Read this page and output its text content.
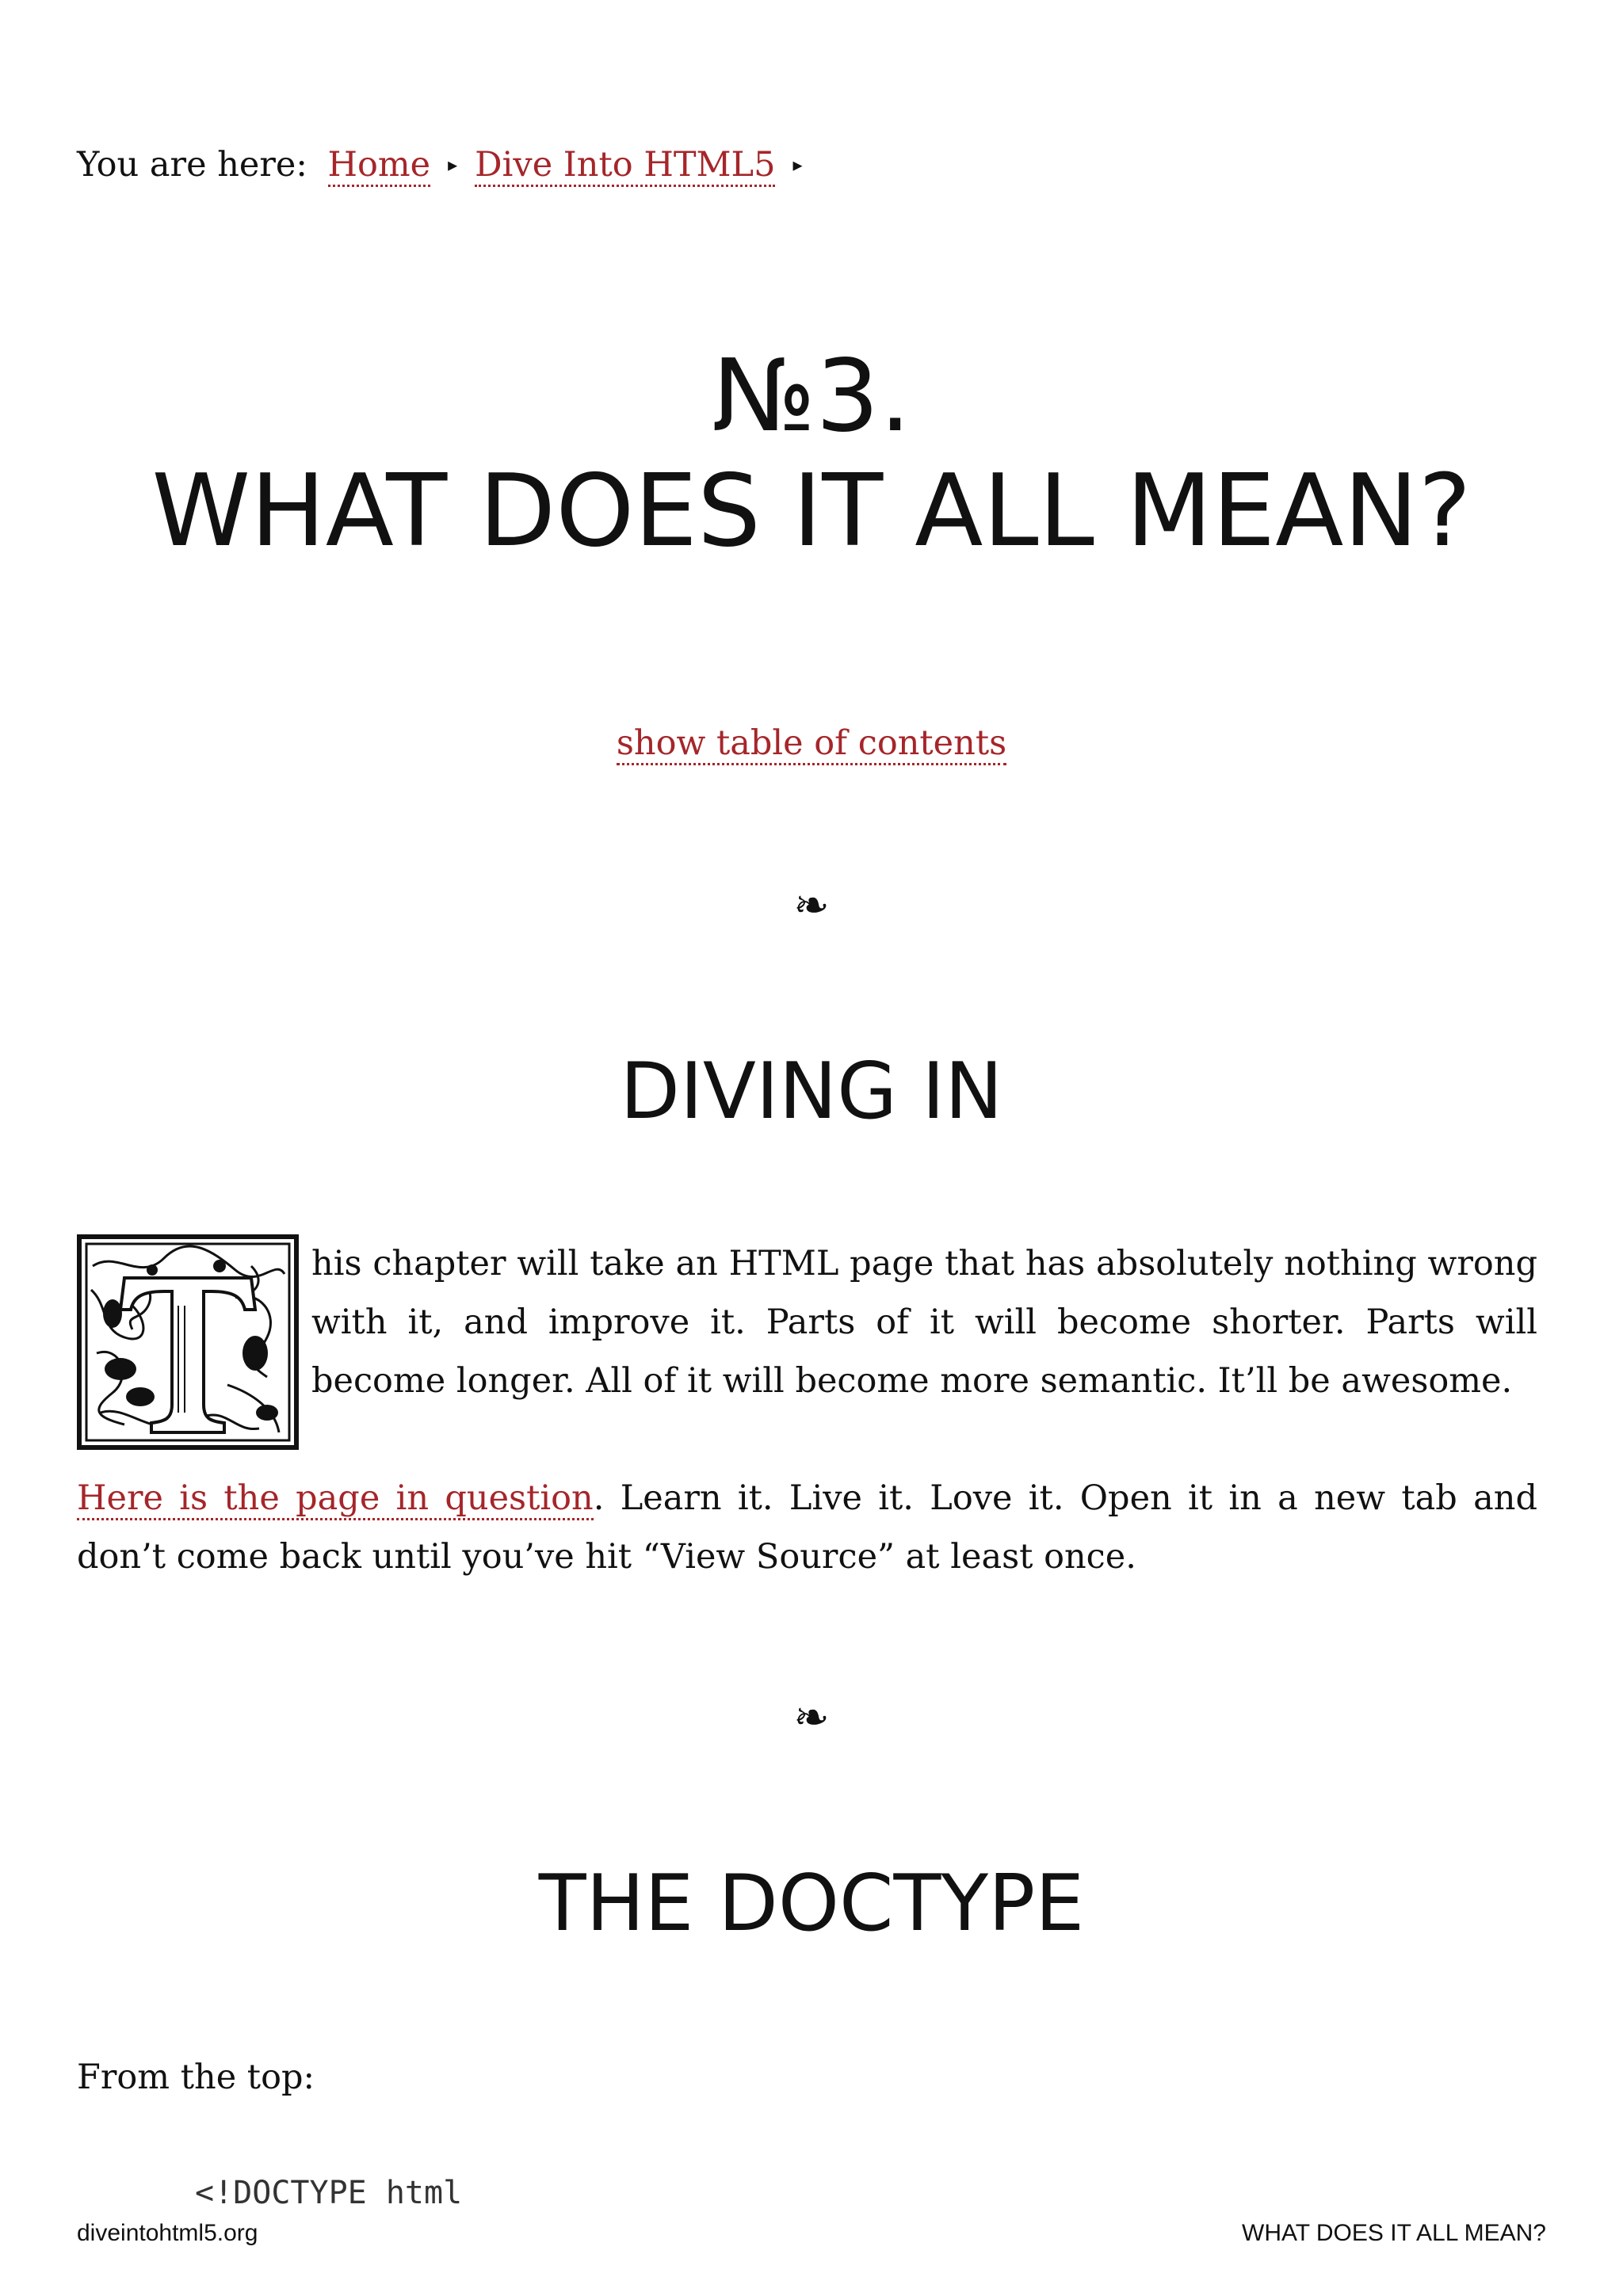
You are here: Home ▸ Dive Into HTML5 ▸
№3.
WHAT DOES IT ALL MEAN?
show table of contents
❧
DIVING IN

his chapter will take an HTML page that has absolutely nothing wrong with it, and improve it. Parts of it will become shorter. Parts will become longer. All of it will become more semantic. It’ll be awesome.

Here is the page in question. Learn it. Live it. Love it. Open it in a new tab and don’t come back until you’ve hit “View Source” at least once.

❧
THE DOCTYPE

From the top:

<!DOCTYPE html
diveintohtml5.org	WHAT DOES IT ALL MEAN?
